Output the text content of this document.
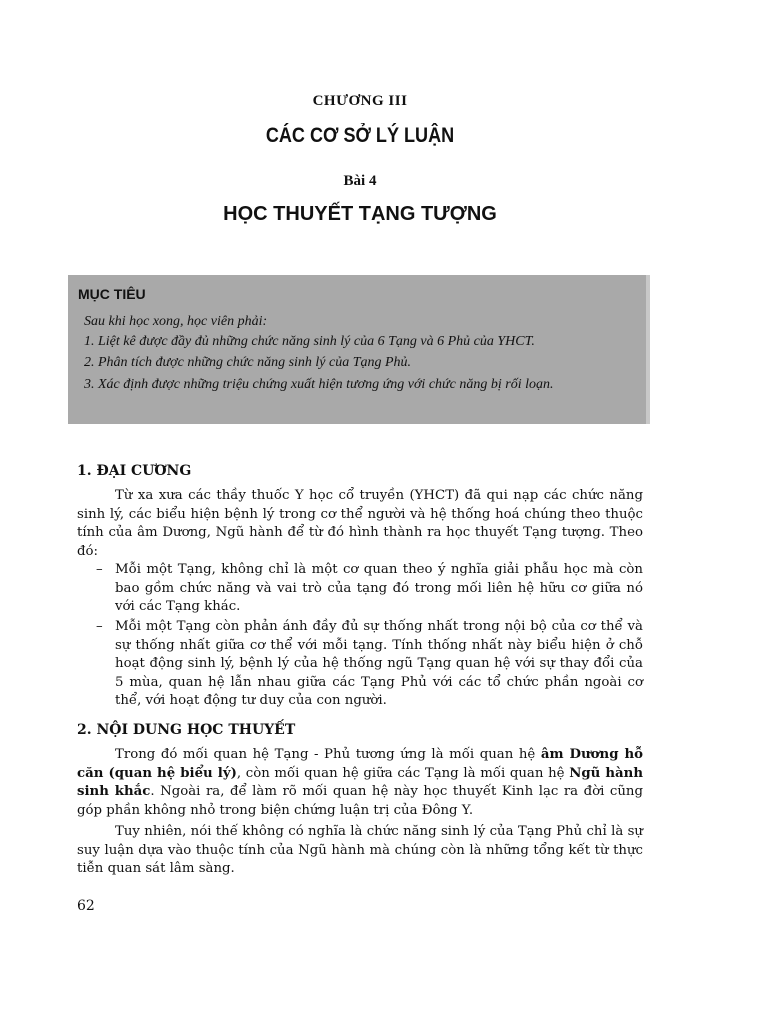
CHƯƠNG III
CÁC CƠ SỞ LÝ LUẬN
Bài 4
HỌC THUYẾT TẠNG TƯỢNG
MỤC TIÊU
Sau khi học xong, học viên phải:
1. Liệt kê được đầy đủ những chức năng sinh lý của 6 Tạng và 6 Phủ của YHCT.
2. Phân tích được những chức năng sinh lý của Tạng Phủ.
3. Xác định được những triệu chứng xuất hiện tương ứng với chức năng bị rối loạn.
1. ĐẠI CƯƠNG

Từ xa xưa các thầy thuốc Y học cổ truyền (YHCT) đã qui nạp các chức năng sinh lý, các biểu hiện bệnh lý trong cơ thể người và hệ thống hoá chúng theo thuộc tính của âm Dương, Ngũ hành để từ đó hình thành ra học thuyết Tạng tượng. Theo đó:

– Mỗi một Tạng, không chỉ là một cơ quan theo ý nghĩa giải phẫu học mà còn bao gồm chức năng và vai trò của tạng đó trong mối liên hệ hữu cơ giữa nó với các Tạng khác.
– Mỗi một Tạng còn phản ánh đầy đủ sự thống nhất trong nội bộ của cơ thể và sự thống nhất giữa cơ thể với mỗi tạng. Tính thống nhất này biểu hiện ở chỗ hoạt động sinh lý, bệnh lý của hệ thống ngũ Tạng quan hệ với sự thay đổi của 5 mùa, quan hệ lẫn nhau giữa các Tạng Phủ với các tổ chức phần ngoài cơ thể, với hoạt động tư duy của con người.
2. NỘI DUNG HỌC THUYẾT

Trong đó mối quan hệ Tạng - Phủ tương ứng là mối quan hệ âm Dương hỗ căn (quan hệ biểu lý), còn mối quan hệ giữa các Tạng là mối quan hệ Ngũ hành sinh khắc. Ngoài ra, để làm rõ mối quan hệ này học thuyết Kinh lạc ra đời cũng góp phần không nhỏ trong biện chứng luận trị của Đông Y.

Tuy nhiên, nói thế không có nghĩa là chức năng sinh lý của Tạng Phủ chỉ là sự suy luận dựa vào thuộc tính của Ngũ hành mà chúng còn là những tổng kết từ thực tiễn quan sát lâm sàng.

62
